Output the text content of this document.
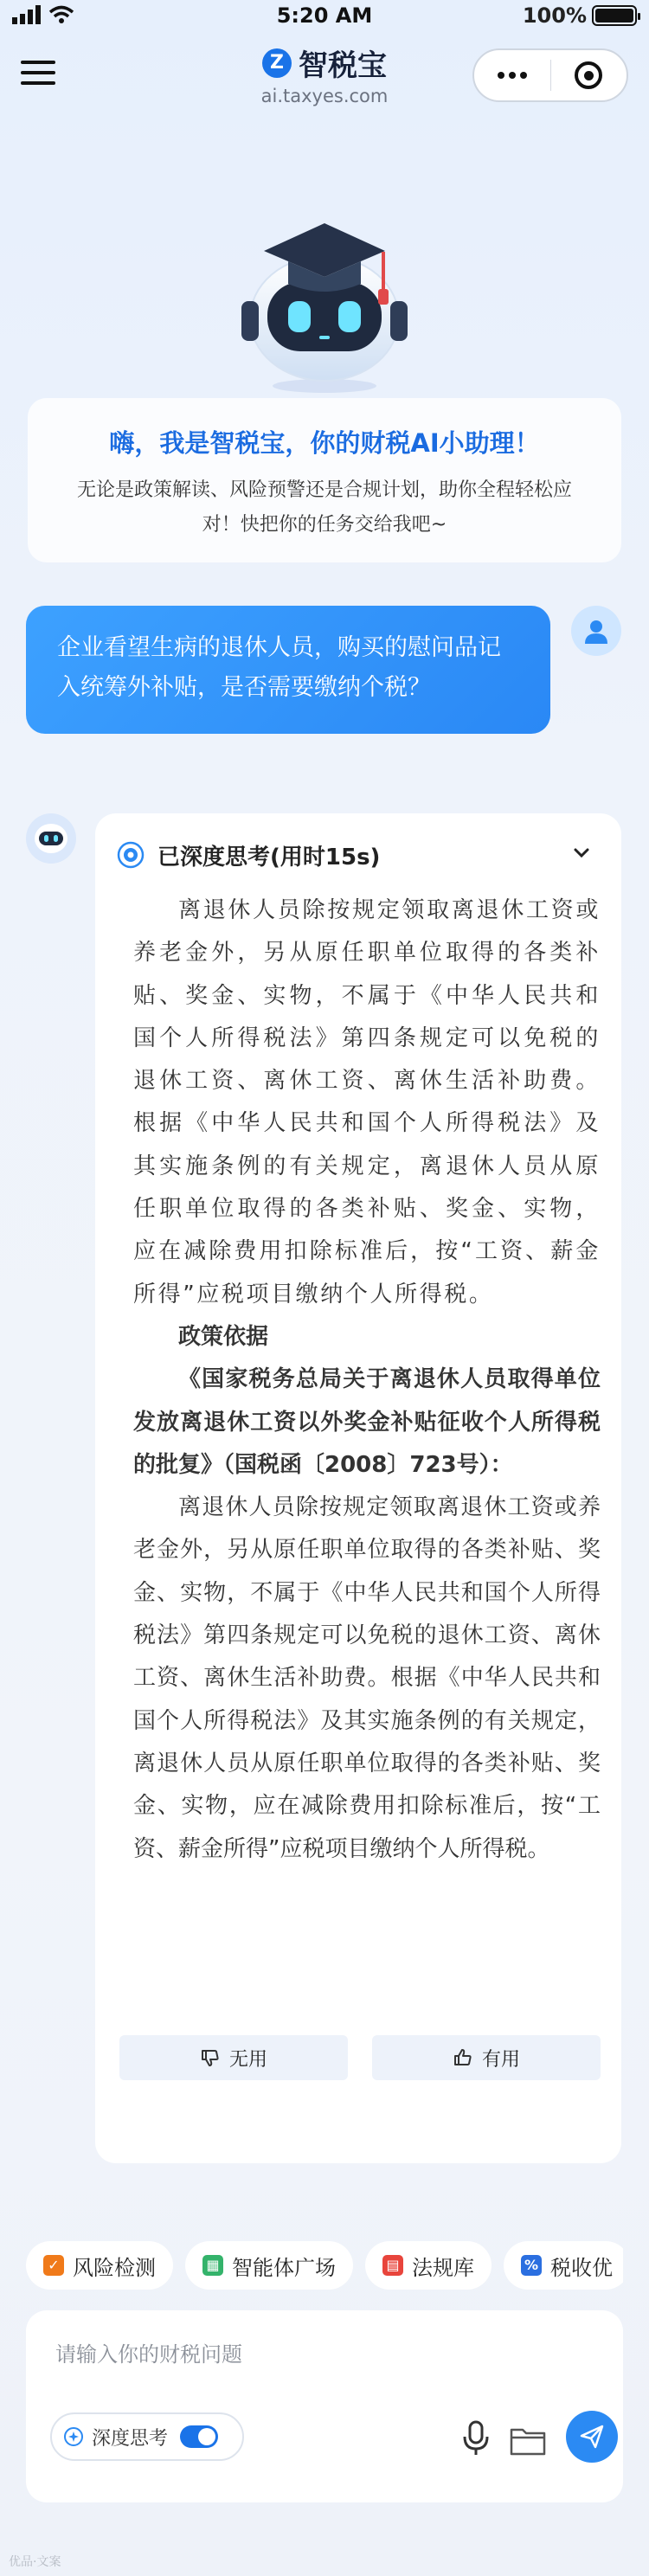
5:20 AM	100%
Z 智税宝
ai.taxyes.com
嗨，我是智税宝，你的财税AI小助理！
无论是政策解读、风险预警还是合规计划，助你全程轻松应
对！快把你的任务交给我吧~
企业看望生病的退休人员，购买的慰问品记
入统筹外补贴，是否需要缴纳个税？
已深度思考(用时15s)

离退休人员除按规定领取离退休工资或养老金外，另从原任职单位取得的各类补贴、奖金、实物，不属于《中华人民共和国个人所得税法》第四条规定可以免税的退休工资、离休工资、离休生活补助费。根据《中华人民共和国个人所得税法》及其实施条例的有关规定，离退休人员从原任职单位取得的各类补贴、奖金、实物，应在减除费用扣除标准后，按“工资、薪金所得”应税项目缴纳个人所得税。

政策依据

《国家税务总局关于离退休人员取得单位发放离退休工资以外奖金补贴征收个人所得税的批复》（国税函〔2008〕723号）：

离退休人员除按规定领取离退休工资或养老金外，另从原任职单位取得的各类补贴、奖金、实物，不属于《中华人民共和国个人所得税法》第四条规定可以免税的退休工资、离休工资、离休生活补助费。根据《中华人民共和国个人所得税法》及其实施条例的有关规定，离退休人员从原任职单位取得的各类补贴、奖金、实物，应在减除费用扣除标准后，按“工资、薪金所得”应税项目缴纳个人所得税。

无用	有用
✓ 风险检测	▦ 智能体广场	▤ 法规库	% 税收优
请输入你的财税问题
深度思考
优品·文案
